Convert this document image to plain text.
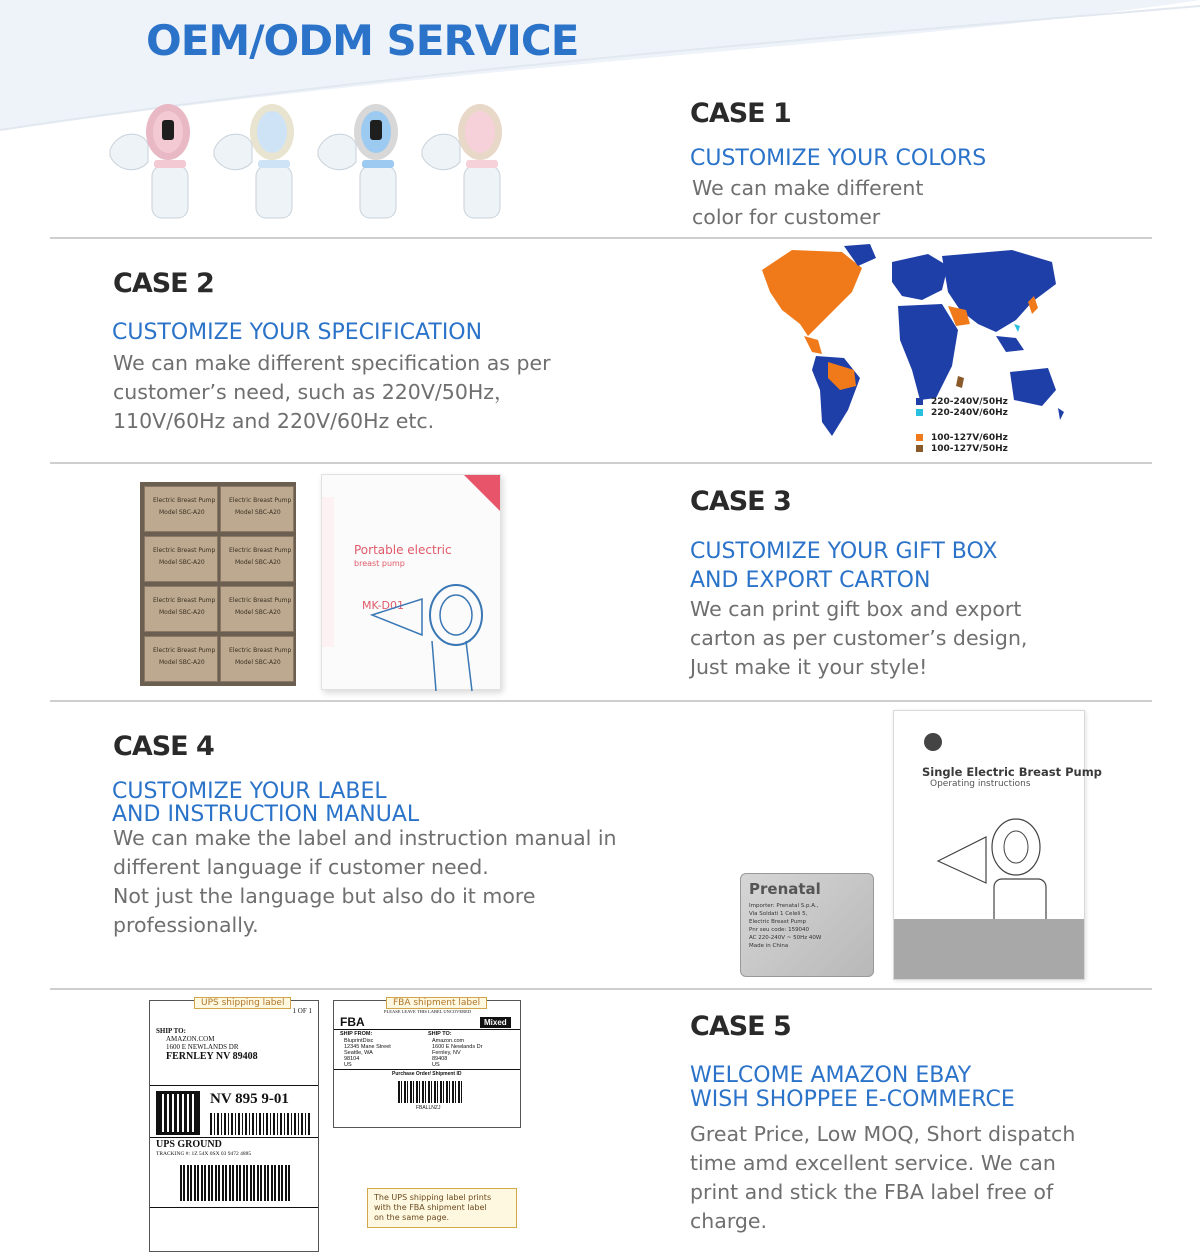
OEM/ODM SERVICE
CASE 1
CUSTOMIZE YOUR COLORS
We can make different
color for customer
CASE 2
CUSTOMIZE YOUR SPECIFICATION
We can make different specification as per
customer’s need, such as 220V/50Hz，
110V/60Hz and 220V/60Hz etc.
220-240V/50Hz
220-240V/60Hz
100-127V/60Hz
100-127V/50Hz
Electric Breast Pump
Model SBC-A20
Electric Breast Pump
Model SBC-A20
Electric Breast Pump
Model SBC-A20
Electric Breast Pump
Model SBC-A20
Electric Breast Pump
Model SBC-A20
Electric Breast Pump
Model SBC-A20
Electric Breast Pump
Model SBC-A20
Electric Breast Pump
Model SBC-A20
Portable electric
breast pump
MK-D01
CASE 3
CUSTOMIZE YOUR GIFT BOX
AND EXPORT CARTON
We can print gift box and export
carton as per customer’s design,
Just make it your style!
CASE 4
CUSTOMIZE YOUR LABEL
AND INSTRUCTION MANUAL
We can make the label and instruction manual in
different language if customer need.
Not just the language but also do it more
professionally.
Single Electric Breast Pump
Operating instructions
Prenatal
Importer: Prenatal S.p.A.,
Via Soldati 1 Celeli 5,
Electric Breast Pump
Pnr seu code: 159040
AC 220-240V ~ 50Hz 40W
Made in China
UPS shipping label
1 OF 1
SHIP TO:
AMAZON.COM
1600 E NEWLANDS DR
FERNLEY NV 89408
NV 895 9-01
UPS GROUND
TRACKING #: 1Z 54X 0SX 03 9472 4885
FBA shipment label
PLEASE LEAVE THIS LABEL UNCOVERED
FBA	Mixed
SHIP FROM:	SHIP TO:
BluprintDisc
12345 Mane Street
Seattle, WA
98104
US
Amazon.com
1600 E Newlands Dr
Fernley, NV
89408
US
Purchase Order/ Shipment ID
FBALLNZJ
The UPS shipping label prints
with the FBA shipment label
on the same page.
CASE 5
WELCOME AMAZON EBAY
WISH SHOPPEE E-COMMERCE
Great Price, Low MOQ, Short dispatch
time amd excellent service. We can
print and stick the FBA label free of
charge.
